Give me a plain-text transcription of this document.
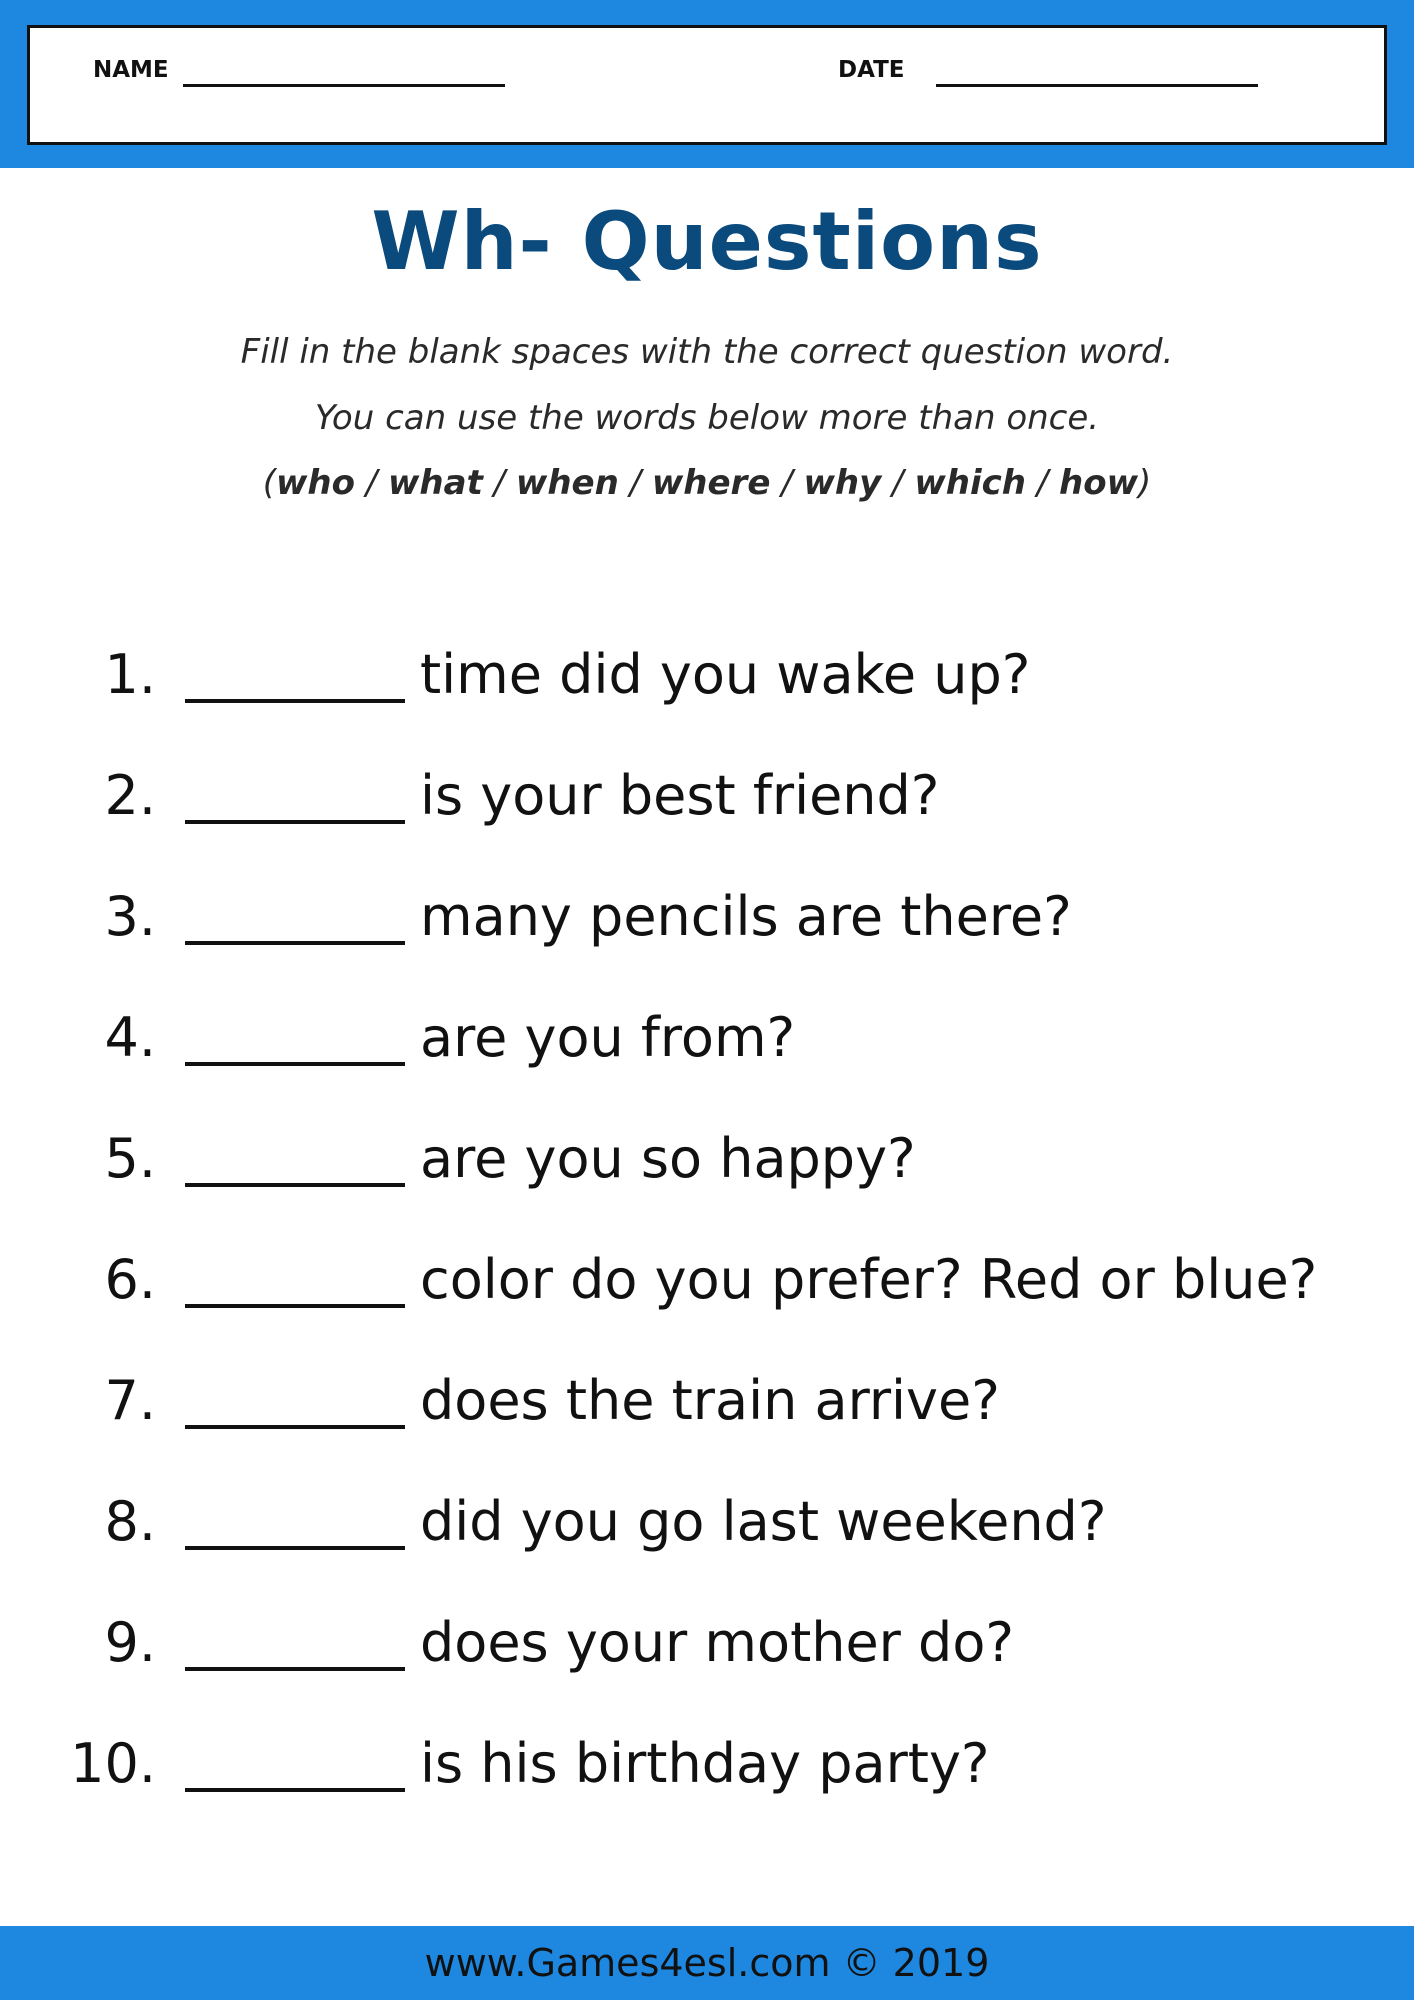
NAME	DATE
Wh- Questions
Fill in the blank spaces with the correct question word.
You can use the words below more than once.
(who / what / when / where / why / which / how)
1.	time did you wake up?
2.	is your best friend?
3.	many pencils are there?
4.	are you from?
5.	are you so happy?
6.	color do you prefer? Red or blue?
7.	does the train arrive?
8.	did you go last weekend?
9.	does your mother do?
10.	is his birthday party?
www.Games4esl.com © 2019
